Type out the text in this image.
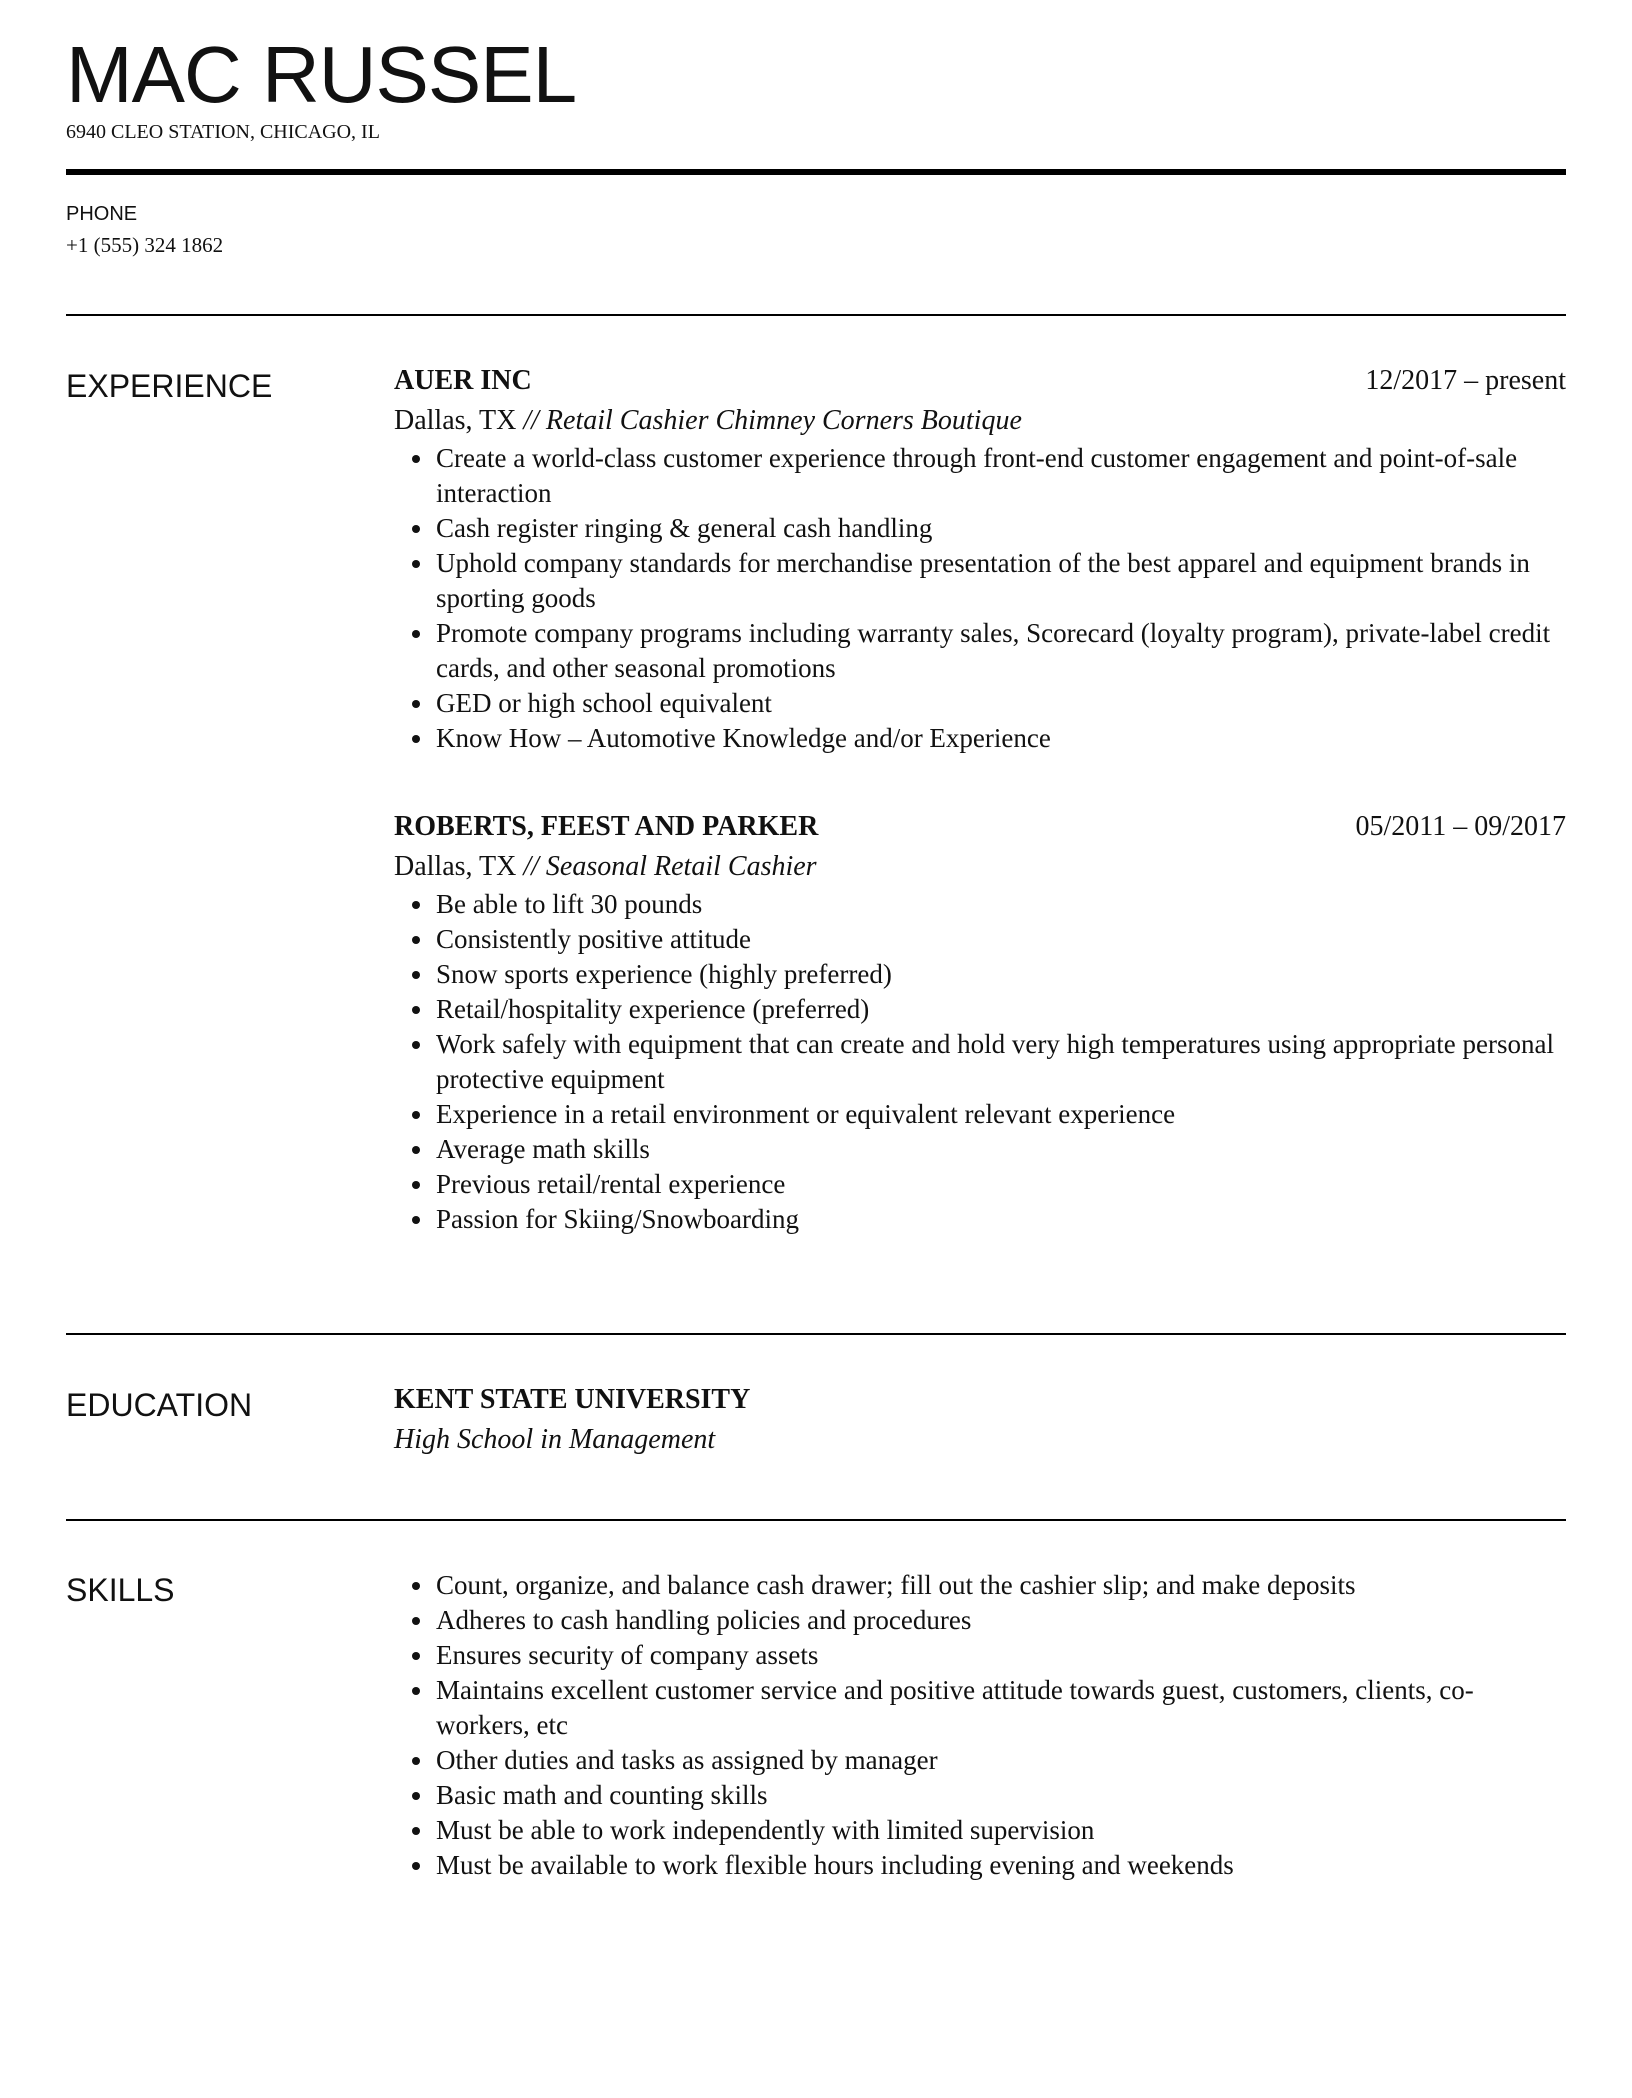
MAC RUSSEL
6940 CLEO STATION, CHICAGO, IL
PHONE
+1 (555) 324 1862
EXPERIENCE	AUER INC	12/2017 – present
Dallas, TX // Retail Cashier Chimney Corners Boutique
Create a world-class customer experience through front-end customer engagement and point-of-sale interaction
Cash register ringing & general cash handling
Uphold company standards for merchandise presentation of the best apparel and equipment brands in sporting goods
Promote company programs including warranty sales, Scorecard (loyalty program), private-label credit cards, and other seasonal promotions
GED or high school equivalent
Know How – Automotive Knowledge and/or Experience
ROBERTS, FEEST AND PARKER	05/2011 – 09/2017
Dallas, TX // Seasonal Retail Cashier
Be able to lift 30 pounds
Consistently positive attitude
Snow sports experience (highly preferred)
Retail/hospitality experience (preferred)
Work safely with equipment that can create and hold very high temperatures using appropriate personal protective equipment
Experience in a retail environment or equivalent relevant experience
Average math skills
Previous retail/rental experience
Passion for Skiing/Snowboarding
EDUCATION	KENT STATE UNIVERSITY
High School in Management
SKILLS	Count, organize, and balance cash drawer; fill out the cashier slip; and make deposits
Adheres to cash handling policies and procedures
Ensures security of company assets
Maintains excellent customer service and positive attitude towards guest, customers, clients, co-workers, etc
Other duties and tasks as assigned by manager
Basic math and counting skills
Must be able to work independently with limited supervision
Must be available to work flexible hours including evening and weekends
